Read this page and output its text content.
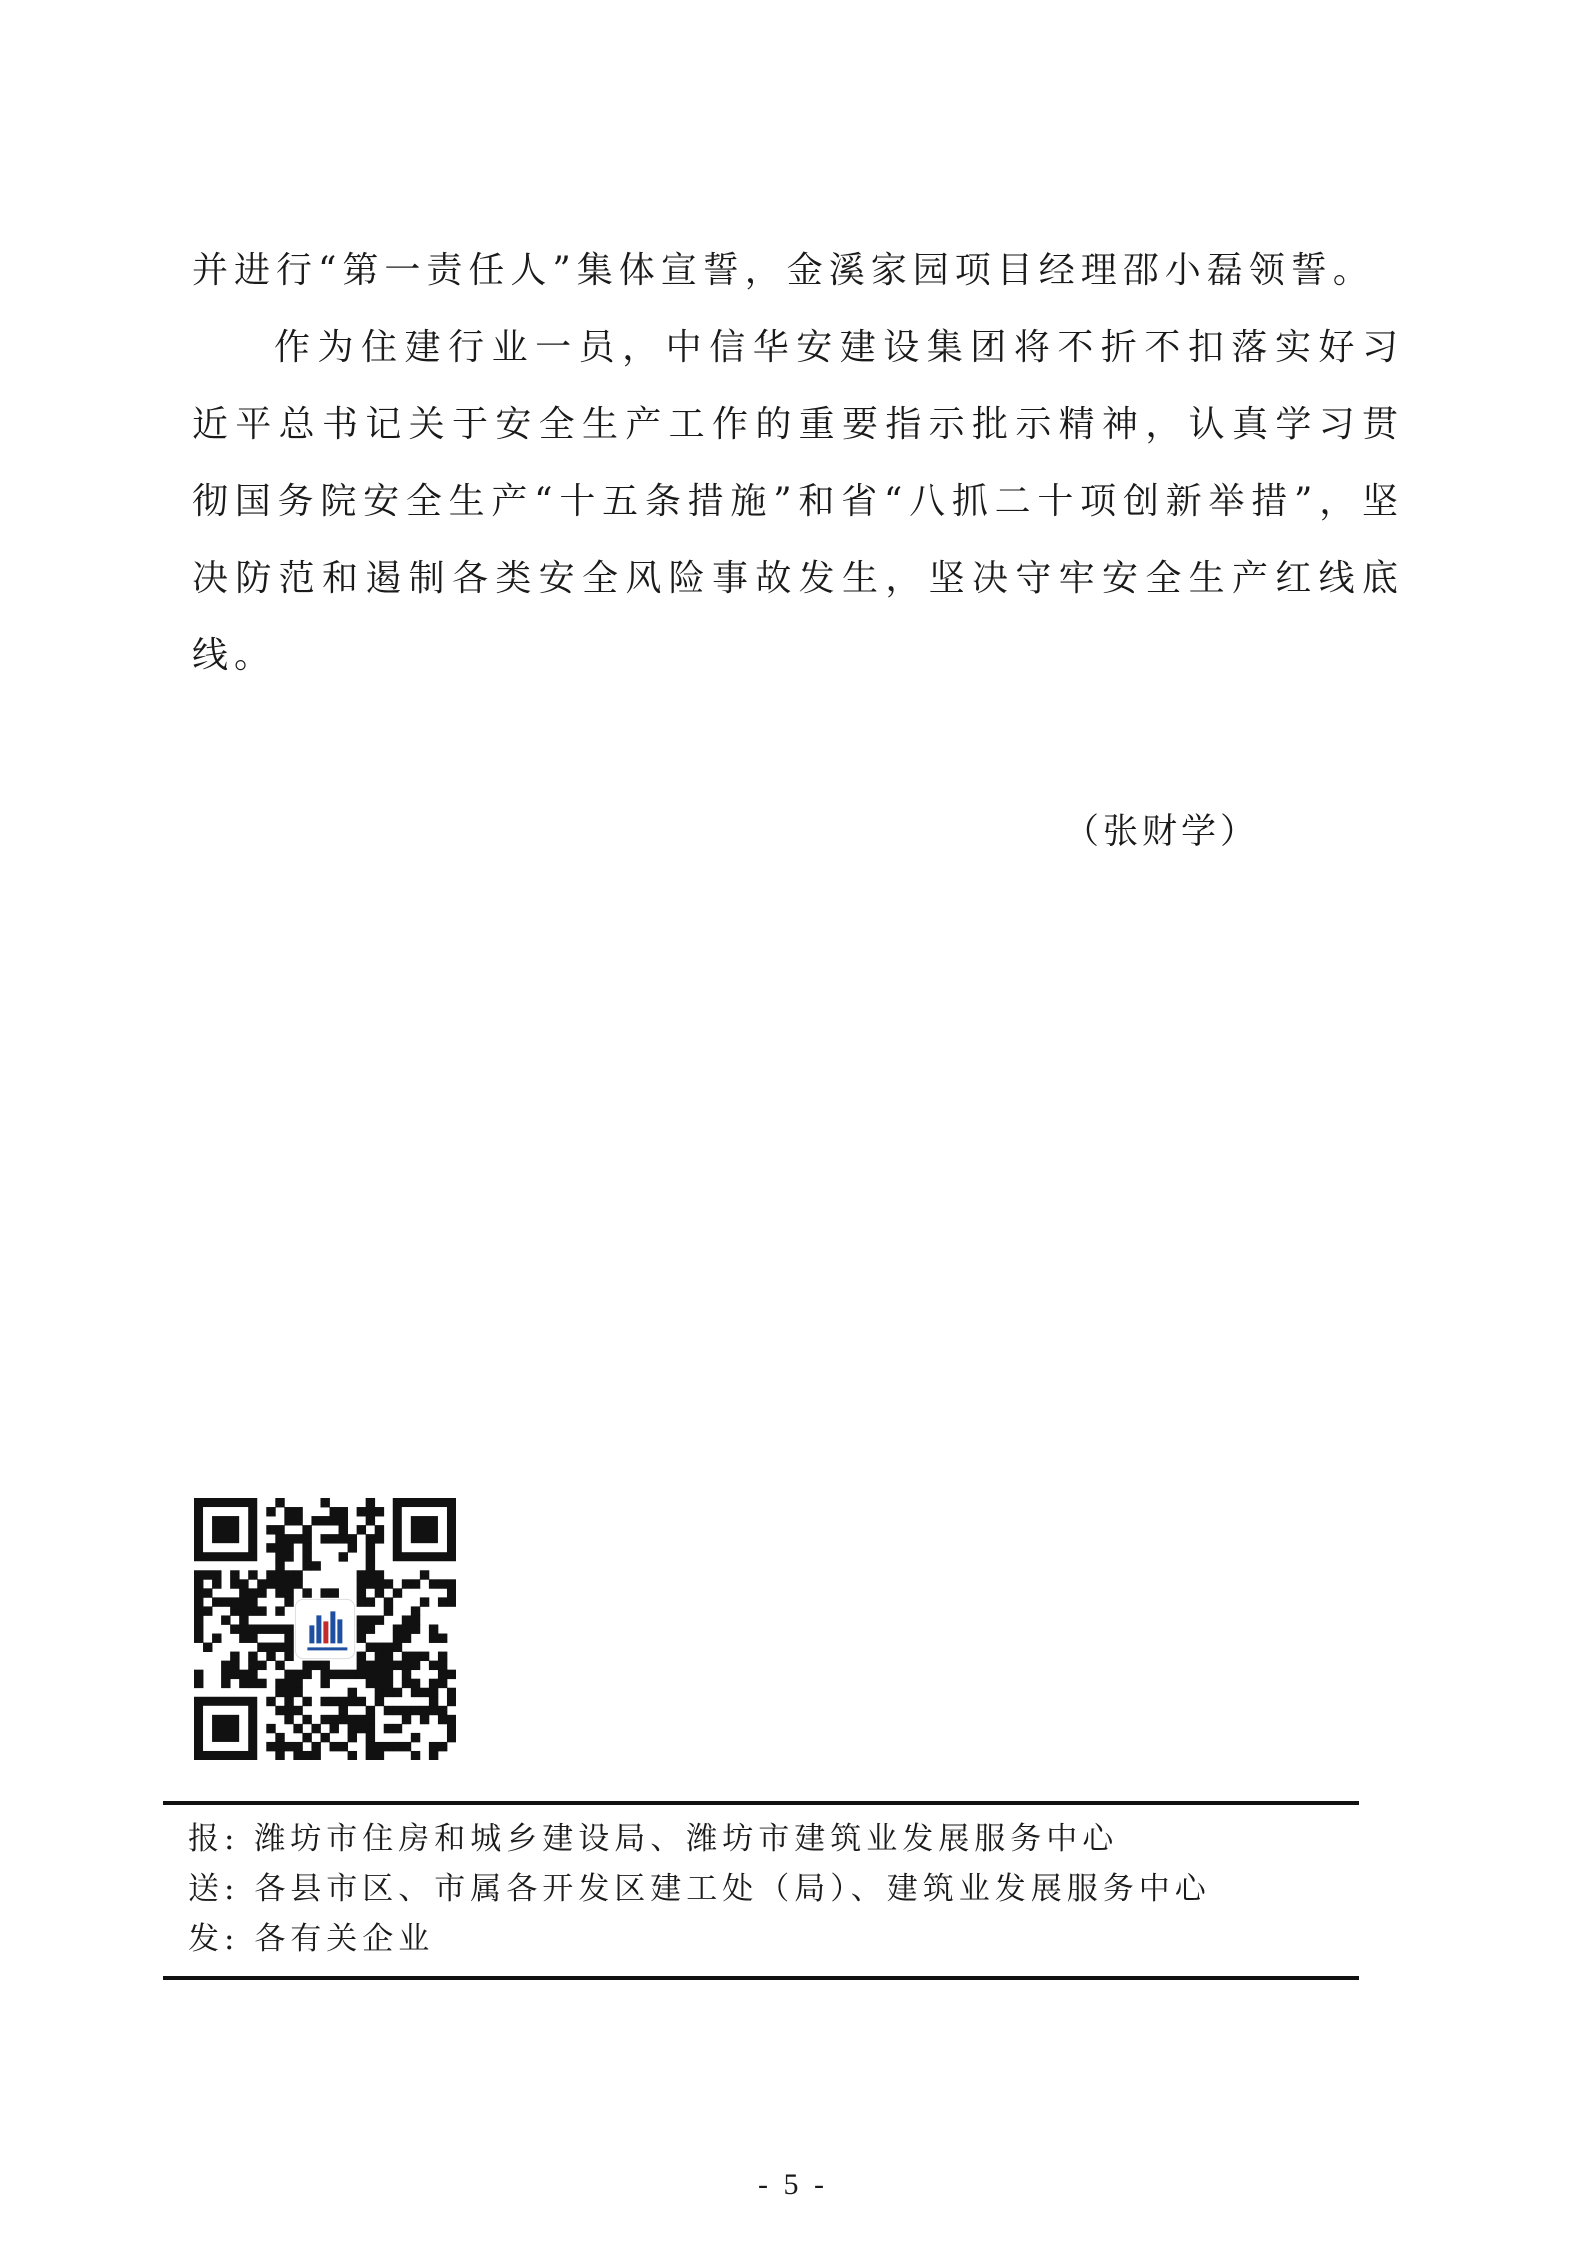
并进行“第一责任人”集体宣誓，金溪家园项目经理邵小磊领誓。

作为住建行业一员，中信华安建设集团将不折不扣落实好习近平总书记关于安全生产工作的重要指示批示精神，认真学习贯彻国务院安全生产“十五条措施”和省“八抓二十项创新举措”，坚决防范和遏制各类安全风险事故发生，坚决守牢安全生产红线底线。

（张财学）
报: 潍坊市住房和城乡建设局、潍坊市建筑业发展服务中心
送: 各县市区、市属各开发区建工处（局）、建筑业发展服务中心
发: 各有关企业
- 5 -
